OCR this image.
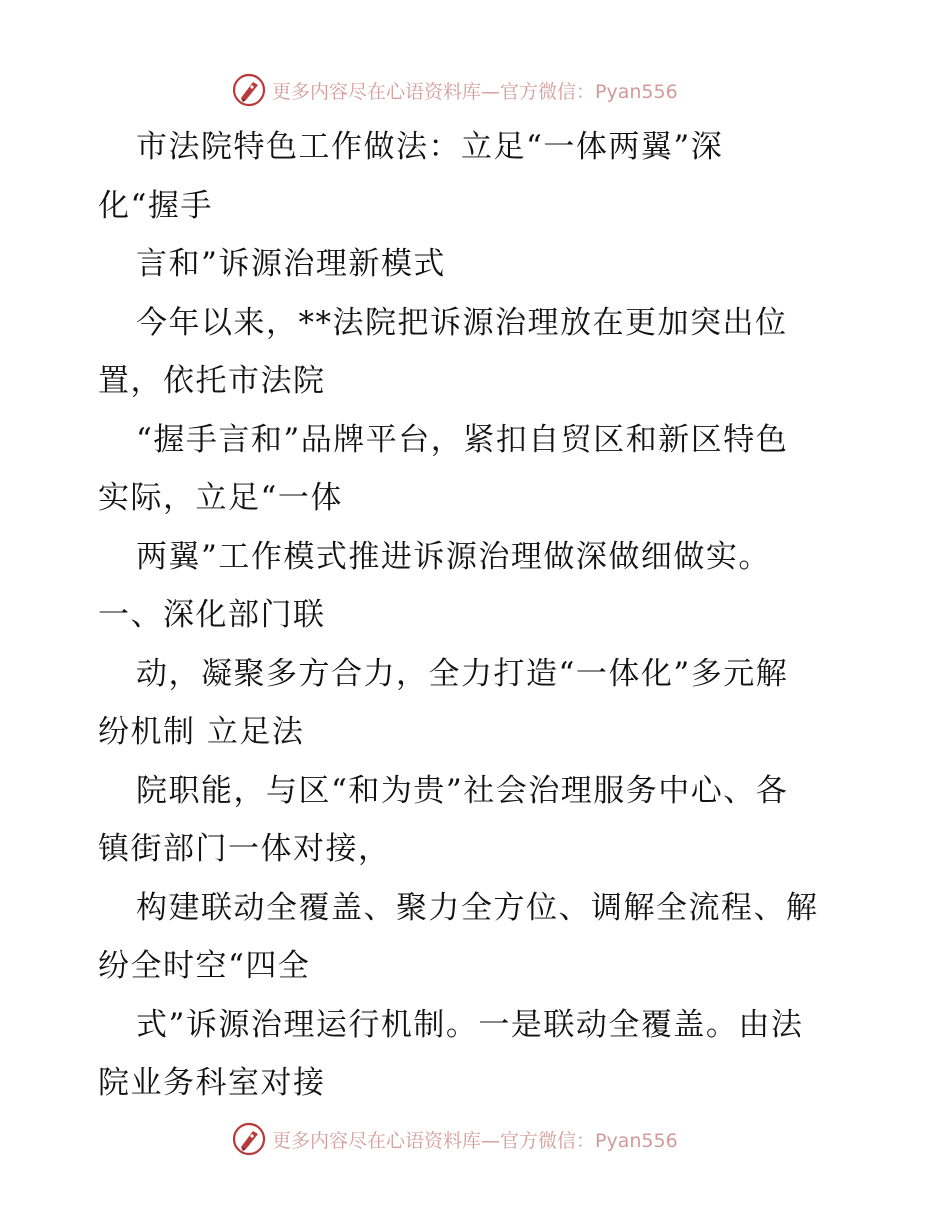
更多内容尽在心语资料库—官方微信：Pyan556
市法院特色工作做法：立足“一体两翼”深
化“握手
言和”诉源治理新模式
今年以来，**法院把诉源治理放在更加突出位
置，依托市法院
“握手言和”品牌平台，紧扣自贸区和新区特色
实际，立足“一体
两翼”工作模式推进诉源治理做深做细做实。
一、深化部门联
动，凝聚多方合力，全力打造“一体化”多元解
纷机制 立足法
院职能，与区“和为贵”社会治理服务中心、各
镇街部门一体对接，
构建联动全覆盖、聚力全方位、调解全流程、解
纷全时空“四全
式”诉源治理运行机制。一是联动全覆盖。由法
院业务科室对接
更多内容尽在心语资料库—官方微信：Pyan556
